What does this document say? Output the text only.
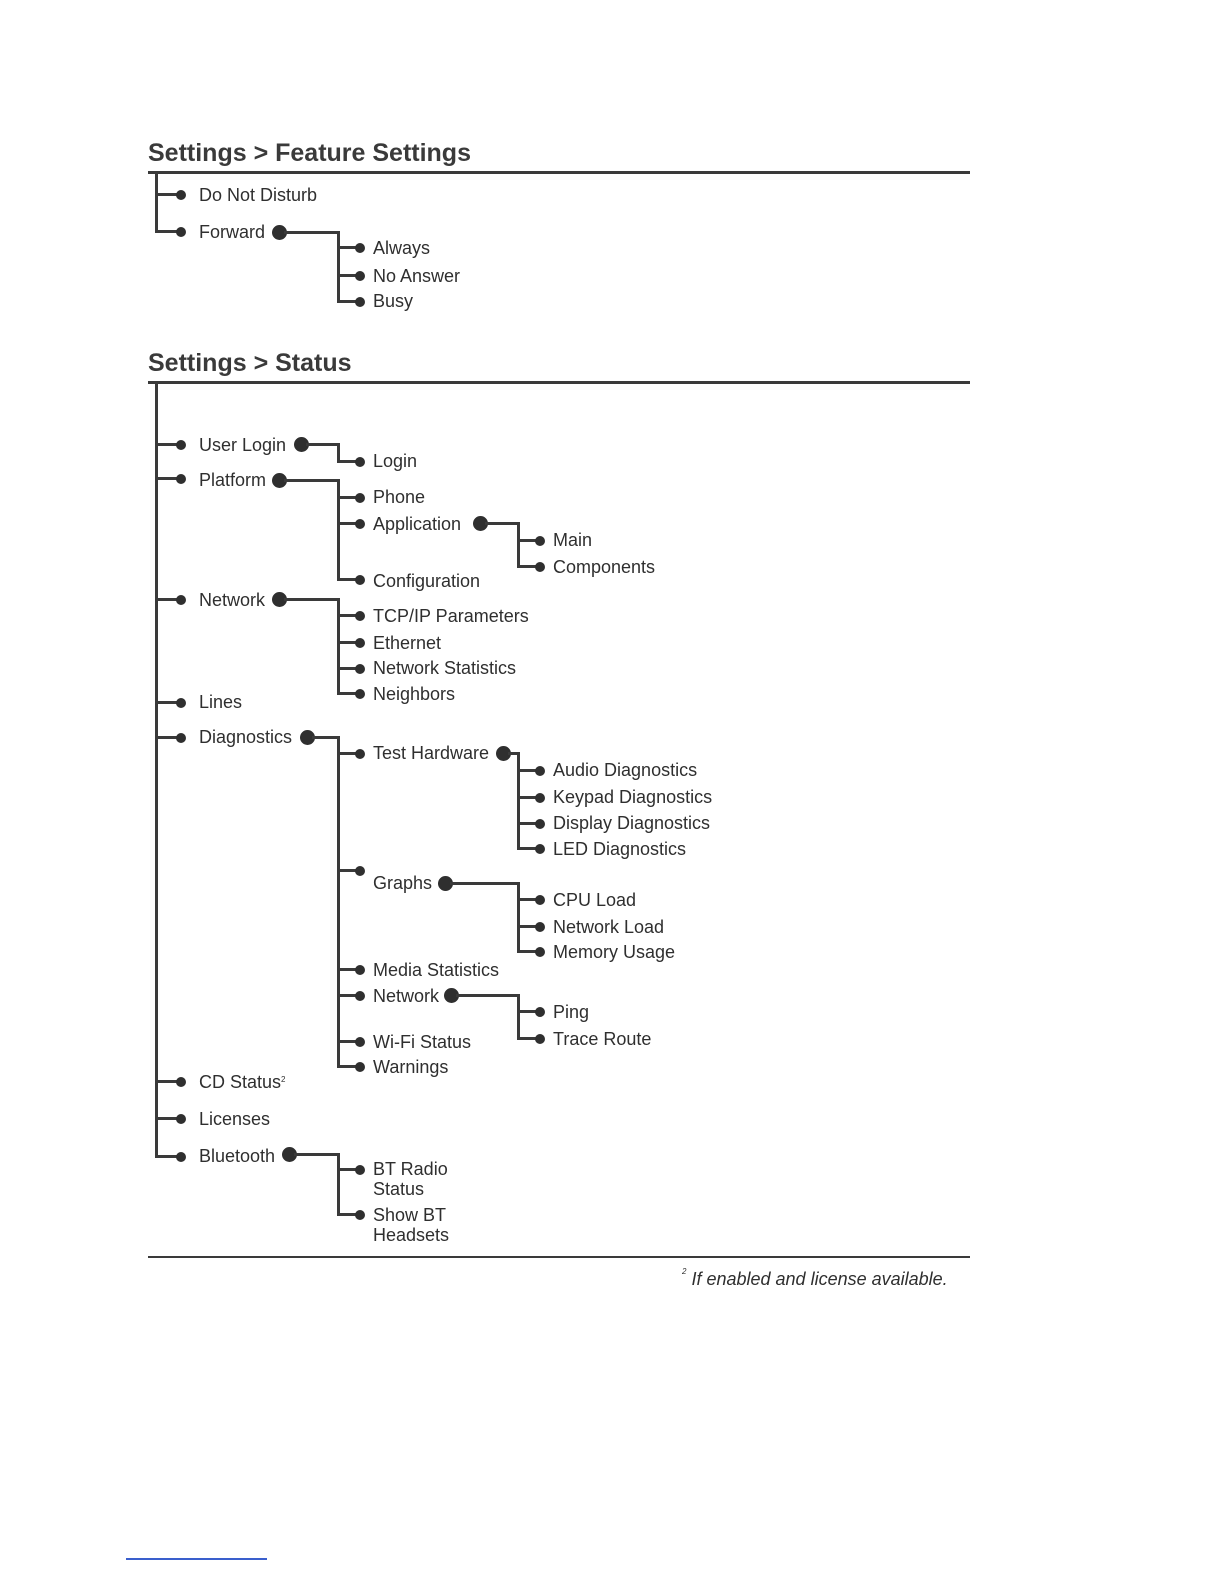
Settings > Feature Settings
Do Not Disturb
Forward
Always
No Answer
Busy
Settings > Status
User Login
Login
Platform
Phone
Application
Main
Components
Configuration
Network
TCP/IP Parameters
Ethernet
Network Statistics
Neighbors
Lines
Diagnostics
Test Hardware
Audio Diagnostics
Keypad Diagnostics
Display Diagnostics
LED Diagnostics
Graphs
CPU Load
Network Load
Memory Usage
Media Statistics
Network
Ping
Trace Route
Wi-Fi Status
Warnings
CD Status$^2$
Licenses
Bluetooth
BT Radio Status
Show BT Headsets
$^2$ If enabled and license available.
